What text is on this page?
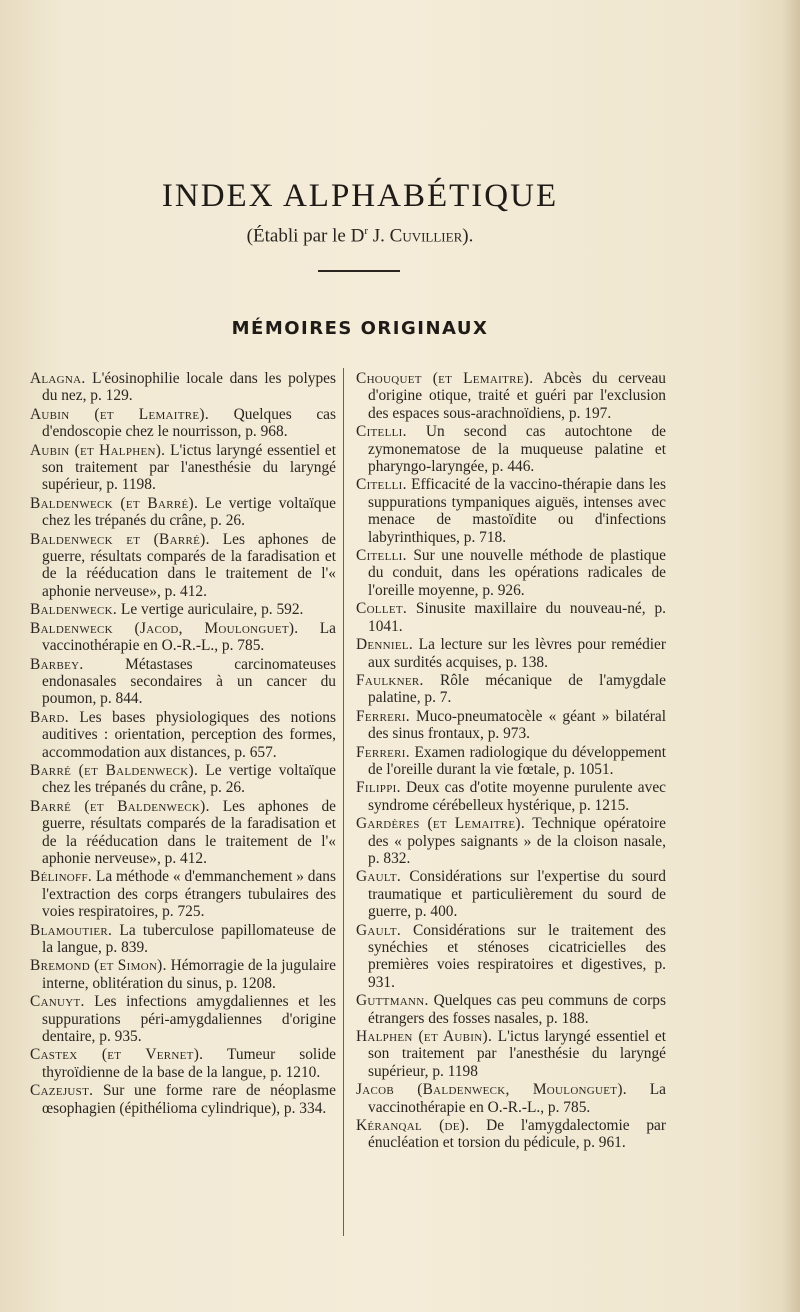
INDEX ALPHABÉTIQUE
(Établi par le $D^r$ J. Cuvillier).
MÉMOIRES ORIGINAUX

Alagna. L'éosinophilie locale dans les polypes du nez, p. 129.

Aubin (et Lemaitre). Quelques cas d'endoscopie chez le nourrisson, p. 968.

Aubin (et Halphen). L'ictus laryngé essentiel et son traitement par l'anesthésie du laryngé supérieur, p. 1198.

Baldenweck (et Barré). Le vertige voltaïque chez les trépanés du crâne, p. 26.

Baldenweck et (Barré). Les aphones de guerre, résultats comparés de la faradisation et de la rééducation dans le traitement de l'« aphonie nerveuse», p. 412.

Baldenweck. Le vertige auriculaire, p. 592.

Baldenweck (Jacod, Moulonguet). La vaccinothérapie en O.-R.-L., p. 785.

Barbey. Métastases carcinomateuses endonasales secondaires à un cancer du poumon, p. 844.

Bard. Les bases physiologiques des notions auditives : orientation, perception des formes, accommodation aux distances, p. 657.

Barré (et Baldenweck). Le vertige voltaïque chez les trépanés du crâne, p. 26.

Barré (et Baldenweck). Les aphones de guerre, résultats comparés de la faradisation et de la rééducation dans le traitement de l'« aphonie nerveuse», p. 412.

Bélinoff. La méthode « d'emmanchement » dans l'extraction des corps étrangers tubulaires des voies respiratoires, p. 725.

Blamoutier. La tuberculose papillomateuse de la langue, p. 839.

Bremond (et Simon). Hémorragie de la jugulaire interne, oblitération du sinus, p. 1208.

Canuyt. Les infections amygdaliennes et les suppurations péri-amygdaliennes d'origine dentaire, p. 935.

Castex (et Vernet). Tumeur solide thyroïdienne de la base de la langue, p. 1210.

Cazejust. Sur une forme rare de néoplasme œsophagien (épithélioma cylindrique), p. 334.

Chouquet (et Lemaitre). Abcès du cerveau d'origine otique, traité et guéri par l'exclusion des espaces sous-arachnoïdiens, p. 197.

Citelli. Un second cas autochtone de zymonematose de la muqueuse palatine et pharyngo-laryngée, p. 446.

Citelli. Efficacité de la vaccino-thérapie dans les suppurations tympaniques aiguës, intenses avec menace de mastoïdite ou d'infections labyrinthiques, p. 718.

Citelli. Sur une nouvelle méthode de plastique du conduit, dans les opérations radicales de l'oreille moyenne, p. 926.

Collet. Sinusite maxillaire du nouveau-né, p. 1041.

Denniel. La lecture sur les lèvres pour remédier aux surdités acquises, p. 138.

Faulkner. Rôle mécanique de l'amygdale palatine, p. 7.

Ferreri. Muco-pneumatocèle « géant » bilatéral des sinus frontaux, p. 973.

Ferreri. Examen radiologique du développement de l'oreille durant la vie fœtale, p. 1051.

Filippi. Deux cas d'otite moyenne purulente avec syndrome cérébelleux hystérique, p. 1215.

Gardères (et Lemaitre). Technique opératoire des « polypes saignants » de la cloison nasale, p. 832.

Gault. Considérations sur l'expertise du sourd traumatique et particulièrement du sourd de guerre, p. 400.

Gault. Considérations sur le traitement des synéchies et sténoses cicatricielles des premières voies respiratoires et digestives, p. 931.

Guttmann. Quelques cas peu communs de corps étrangers des fosses nasales, p. 188.

Halphen (et Aubin). L'ictus laryngé essentiel et son traitement par l'anesthésie du laryngé supérieur, p. 1198

Jacob (Baldenweck, Moulonguet). La vaccinothérapie en O.-R.-L., p. 785.

Kéranqal (de). De l'amygdalectomie par énucléation et torsion du pédicule, p. 961.
